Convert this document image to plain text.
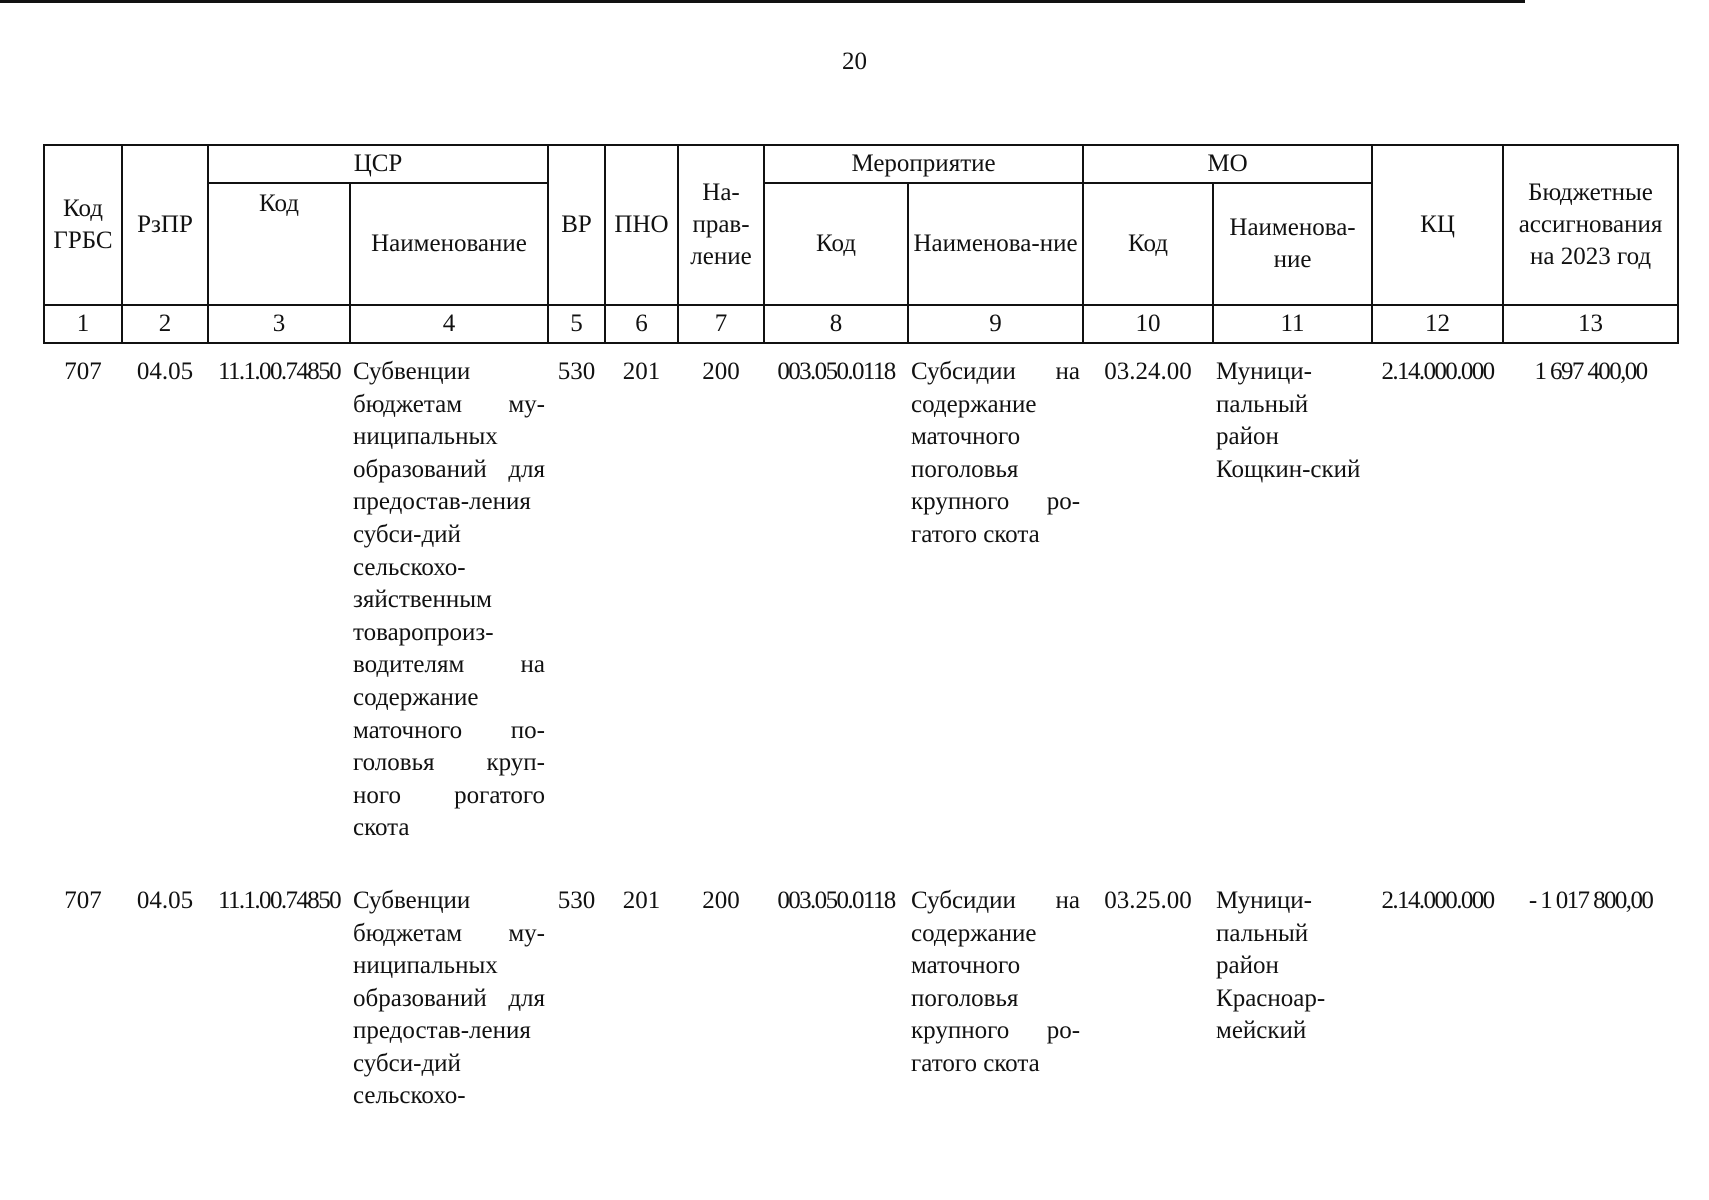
20
Код ГРБС	РзПР	ЦСР		ВР	ПНО	На-прав-ление	Мероприятие		МО		КЦ	Бюджетные ассигнования на 2023 год
		Код	Наименование				Код	Наименова-ние	Код	Наименова-ние		
1	2	3	4	5	6	7	8	9	10	11	12	13
707	04.05	11.1.00.74850	Субвенции бюджетам му-ниципальных образований для предостав-ления субси-дий сельскохо-зяйственным товаропроиз-водителям на содержание маточного по-головья круп-ного рогатого скота	530	201	200	003.050.0118	Субсидии на содержание маточного поголовья крупного ро-гатого скота	03.24.00	Муници-пальный район Кощкин-ский	2.14.000.000	1 697 400,00
707	04.05	11.1.00.74850	Субвенции бюджетам му-ниципальных образований для предостав-ления субси-дий сельскохо-	530	201	200	003.050.0118	Субсидии на содержание маточного поголовья крупного ро-гатого скота	03.25.00	Муници-пальный район Красноар-мейский	2.14.000.000	- 1 017 800,00
